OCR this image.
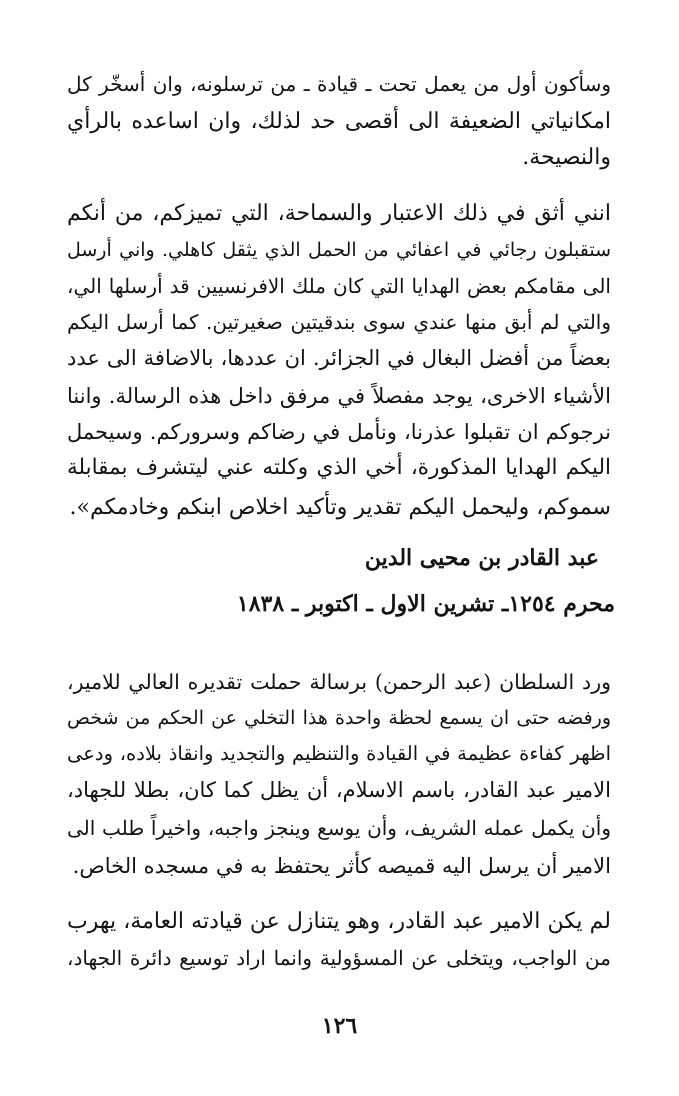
وسأكون أول من يعمل تحت ـ قيادة ـ من ترسلونه، وان أسخّر كل

امكانياتي الضعيفة الى أقصى حد لذلك، وان اساعده بالرأي

والنصيحة.

انني أثق في ذلك الاعتبار والسماحة، التي تميزكم، من أنكم

ستقبلون رجائي في اعفائي من الحمل الذي يثقل كاهلي. واني أرسل

الى مقامكم بعض الهدايا التي كان ملك الافرنسيين قد أرسلها الي،

والتي لم أبق منها عندي سوى بندقيتين صغيرتين. كما أرسل اليكم

بعضاً من أفضل البغال في الجزائر. ان عددها، بالاضافة الى عدد

الأشياء الاخرى، يوجد مفصلاً في مرفق داخل هذه الرسالة. واننا

نرجوكم ان تقبلوا عذرنا، ونأمل في رضاكم وسروركم. وسيحمل

اليكم الهدايا المذكورة، أخي الذي وكلته عني ليتشرف بمقابلة

سموكم، وليحمل اليكم تقدير وتأكيد اخلاص ابنكم وخادمكم».

عبد القادر بن محيى الدين

محرم ١٢٥٤ـ تشرين الاول ـ اكتوبر ـ ١٨٣٨

ورد السلطان (عبد الرحمن) برسالة حملت تقديره العالي للامير،

ورفضه حتى ان يسمع لحظة واحدة هذا التخلي عن الحكم من شخص

اظهر كفاءة عظيمة في القيادة والتنظيم والتجديد وانقاذ بلاده، ودعى

الامير عبد القادر، باسم الاسلام، أن يظل كما كان، بطلا للجهاد،

وأن يكمل عمله الشريف، وأن يوسع وينجز واجبه، واخيراً طلب الى

الامير أن يرسل اليه قميصه كأثر يحتفظ به في مسجده الخاص.

لم يكن الامير عبد القادر، وهو يتنازل عن قيادته العامة، يهرب

من الواجب، ويتخلى عن المسؤولية وانما اراد توسيع دائرة الجهاد،

١٢٦
